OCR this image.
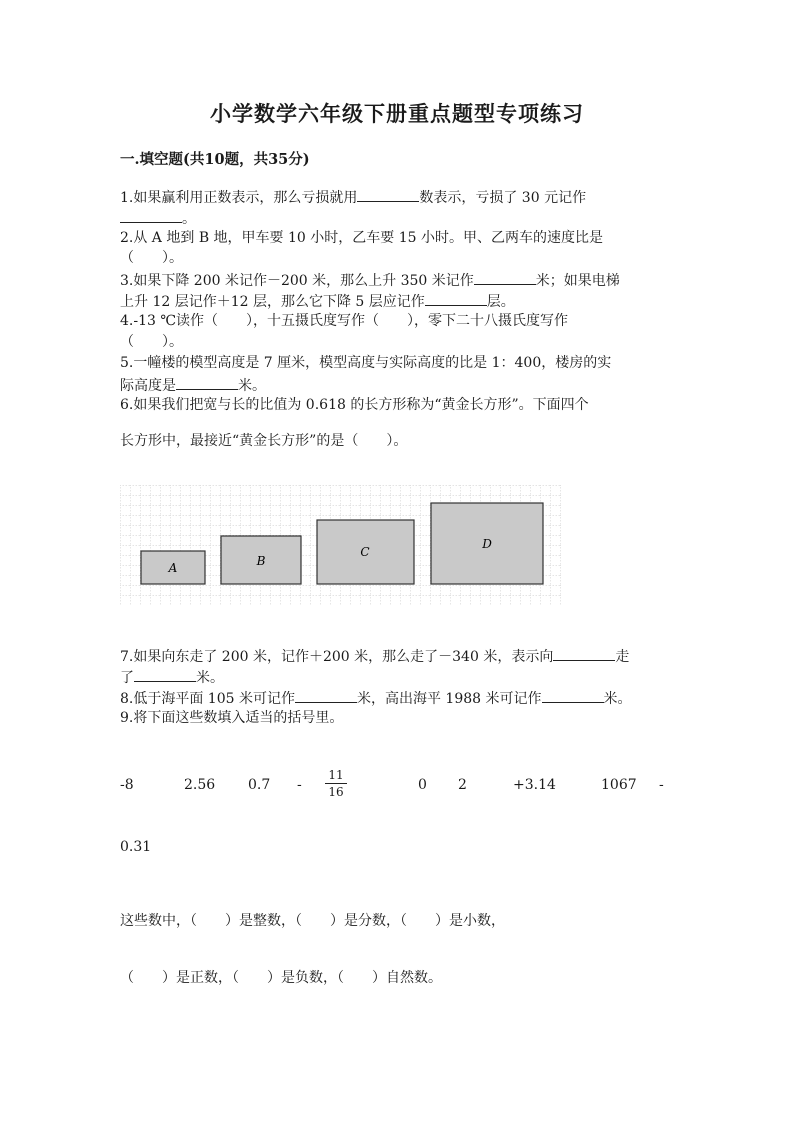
小学数学六年级下册重点题型专项练习
一.填空题(共10题，共35分)
1.如果赢利用正数表示，那么亏损就用	数表示，亏损了 30 元记作
。
2.从 A 地到 B 地，甲车要 10 小时，乙车要 15 小时。甲、乙两车的速度比是
（　　）。
3.如果下降 200 米记作－200 米，那么上升 350 米记作	米；如果电梯
上升 12 层记作＋12 层，那么它下降 5 层应记作	层。
4.-13 ℃读作（　　），十五摄氏度写作（　　），零下二十八摄氏度写作
（　　）。
5.一幢楼的模型高度是 7 厘米，模型高度与实际高度的比是 1：400，楼房的实
际高度是	米。
6.如果我们把宽与长的比值为 0.618 的长方形称为“黄金长方形”。下面四个
长方形中，最接近“黄金长方形”的是（　　）。
A	B
C
D
7.如果向东走了 200 米，记作＋200 米，那么走了－340 米，表示向	走
了	米。
8.低于海平面 105 米可记作	米，高出海平 1988 米可记作	米。
9.将下面这些数填入适当的括号里。
-8	2.56 0.7 -
11
16	0 2	+3.14	1067 -
0.31
这些数中，（　　）是整数，（　　）是分数，（　　）是小数，
（　　）是正数，（　　）是负数，（　　）自然数。
